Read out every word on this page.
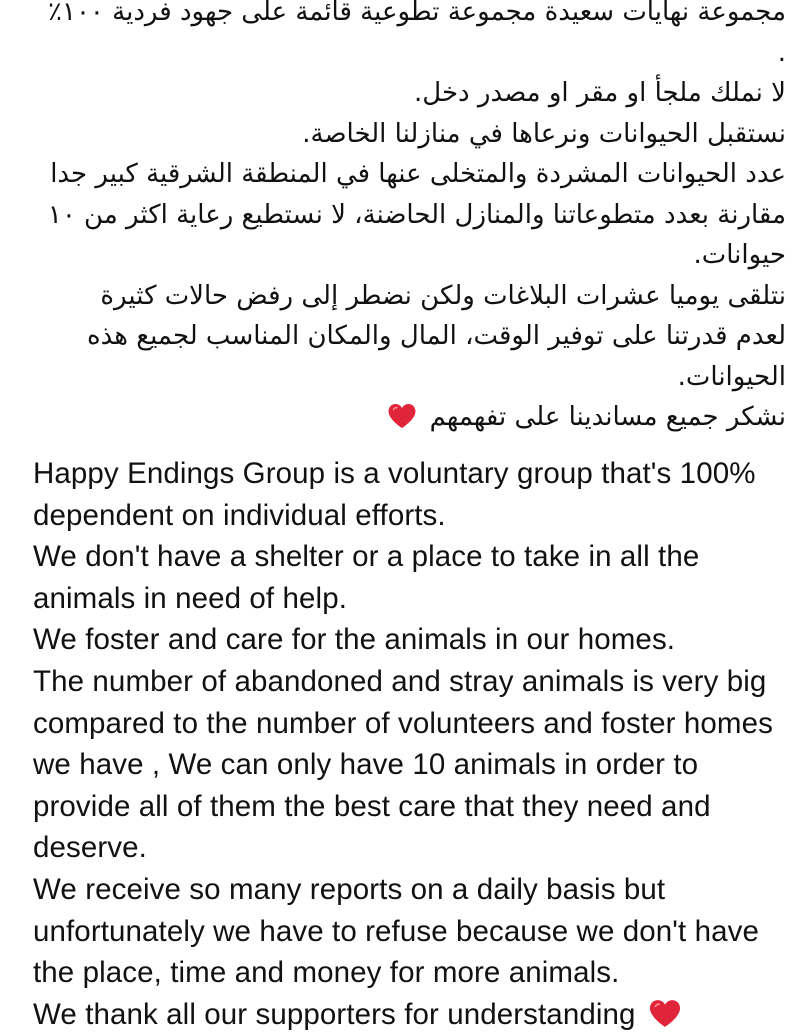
مجموعة نهايات سعيدة مجموعة تطوعية قائمة على جهود فردية ١٠٠٪ .

لا نملك ملجأ او مقر او مصدر دخل.

نستقبل الحيوانات ونرعاها في منازلنا الخاصة.

عدد الحيوانات المشردة والمتخلى عنها في المنطقة الشرقية كبير جدا مقارنة بعدد متطوعاتنا والمنازل الحاضنة، لا نستطيع رعاية اكثر من ١٠ حيوانات.

نتلقى يوميا عشرات البلاغات ولكن نضطر إلى رفض حالات كثيرة لعدم قدرتنا على توفير الوقت، المال والمكان المناسب لجميع هذه الحيوانات.

نشكر جميع مساندينا على تفهمهم

Happy Endings Group is a voluntary group that's 100% dependent on individual efforts.

We don't have a shelter or a place to take in all the animals in need of help.

We foster and care for the animals in our homes.

The number of abandoned and stray animals is very big compared to the number of volunteers and foster homes we have , We can only have 10 animals in order to provide all of them the best care that they need and deserve.

We receive so many reports on a daily basis but unfortunately we have to refuse because we don't have the place, time and money for more animals.

We thank all our supporters for understanding
